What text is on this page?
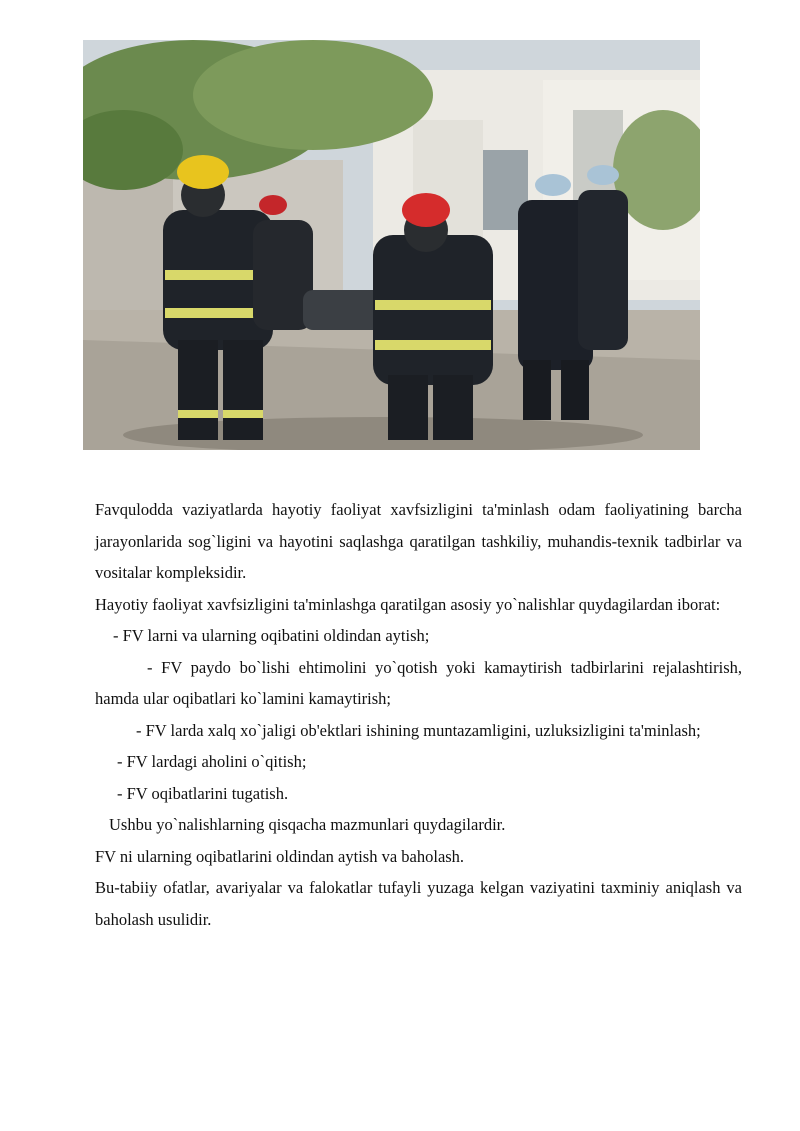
Favqulodda vaziyatlarda hayotiy faoliyat xavfsizligini ta'minlash odam faoliyatining barcha jarayonlarida sog`ligini va hayotini saqlashga qaratilgan tashkiliy, muhandis-texnik tadbirlar va vositalar kompleksidir.

Hayotiy faoliyat xavfsizligini ta'minlashga qaratilgan asosiy yo`nalishlar quydagilardan iborat:

- FV larni va ularning oqibatini oldindan aytish;

- FV paydo bo`lishi ehtimolini yo`qotish yoki kamaytirish tadbirlarini rejalashtirish, hamda ular oqibatlari ko`lamini kamaytirish;

- FV larda xalq xo`jaligi ob'ektlari ishining muntazamligini, uzluksizligini ta'minlash;

- FV lardagi aholini o`qitish;

- FV oqibatlarini tugatish.

Ushbu yo`nalishlarning qisqacha mazmunlari quydagilardir.

FV ni ularning oqibatlarini oldindan aytish va baholash.

Bu-tabiiy ofatlar, avariyalar va falokatlar tufayli yuzaga kelgan vaziyatini taxminiy aniqlash va baholash usulidir.
